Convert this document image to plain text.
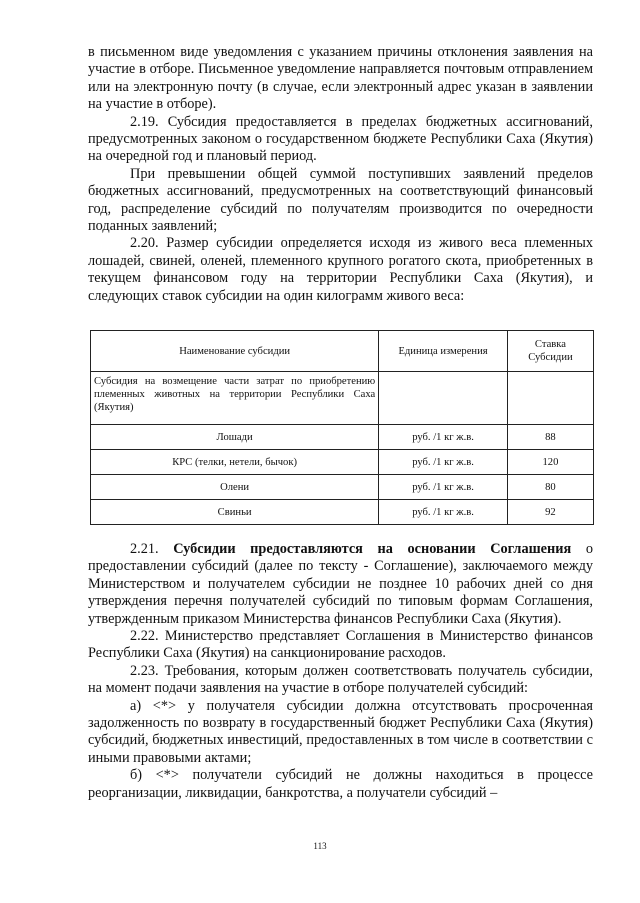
в письменном виде уведомления с указанием причины отклонения заявления на участие в отборе. Письменное уведомление направляется почтовым отправлением или на электронную почту (в случае, если электронный адрес указан в заявлении на участие в отборе).

2.19. Субсидия предоставляется в пределах бюджетных ассигнований, предусмотренных законом о государственном бюджете Республики Саха (Якутия) на очередной год и плановый период.

При превышении общей суммой поступивших заявлений пределов бюджетных ассигнований, предусмотренных на соответствующий финансовый год, распределение субсидий по получателям производится по очередности поданных заявлений;

2.20. Размер субсидии определяется исходя из живого веса племенных лошадей, свиней, оленей, племенного крупного рогатого скота, приобретенных в текущем финансовом году на территории Республики Саха (Якутия), и следующих ставок субсидии на один килограмм живого веса:

Наименование субсидии	Единица измерения	Ставка Субсидии
Субсидия на возмещение части затрат по приобретению племенных животных на территории Республики Саха (Якутия)		
Лошади	руб. /1 кг ж.в.	88
КРС (телки, нетели, бычок)	руб. /1 кг ж.в.	120
Олени	руб. /1 кг ж.в.	80
Свиньи	руб. /1 кг ж.в.	92

2.21. Субсидии предоставляются на основании Соглашения о предоставлении субсидий (далее по тексту - Соглашение), заключаемого между Министерством и получателем субсидии не позднее 10 рабочих дней со дня утверждения перечня получателей субсидий по типовым формам Соглашения, утвержденным приказом Министерства финансов Республики Саха (Якутия).

2.22. Министерство представляет Соглашения в Министерство финансов Республики Саха (Якутия) на санкционирование расходов.

2.23. Требования, которым должен соответствовать получатель субсидии, на момент подачи заявления на участие в отборе получателей субсидий:

а) <*> у получателя субсидии должна отсутствовать просроченная задолженность по возврату в государственный бюджет Республики Саха (Якутия) субсидий, бюджетных инвестиций, предоставленных в том числе в соответствии с иными правовыми актами;

б) <*> получатели субсидий не должны находиться в процессе реорганизации, ликвидации, банкротства, а получатели субсидий –

113
